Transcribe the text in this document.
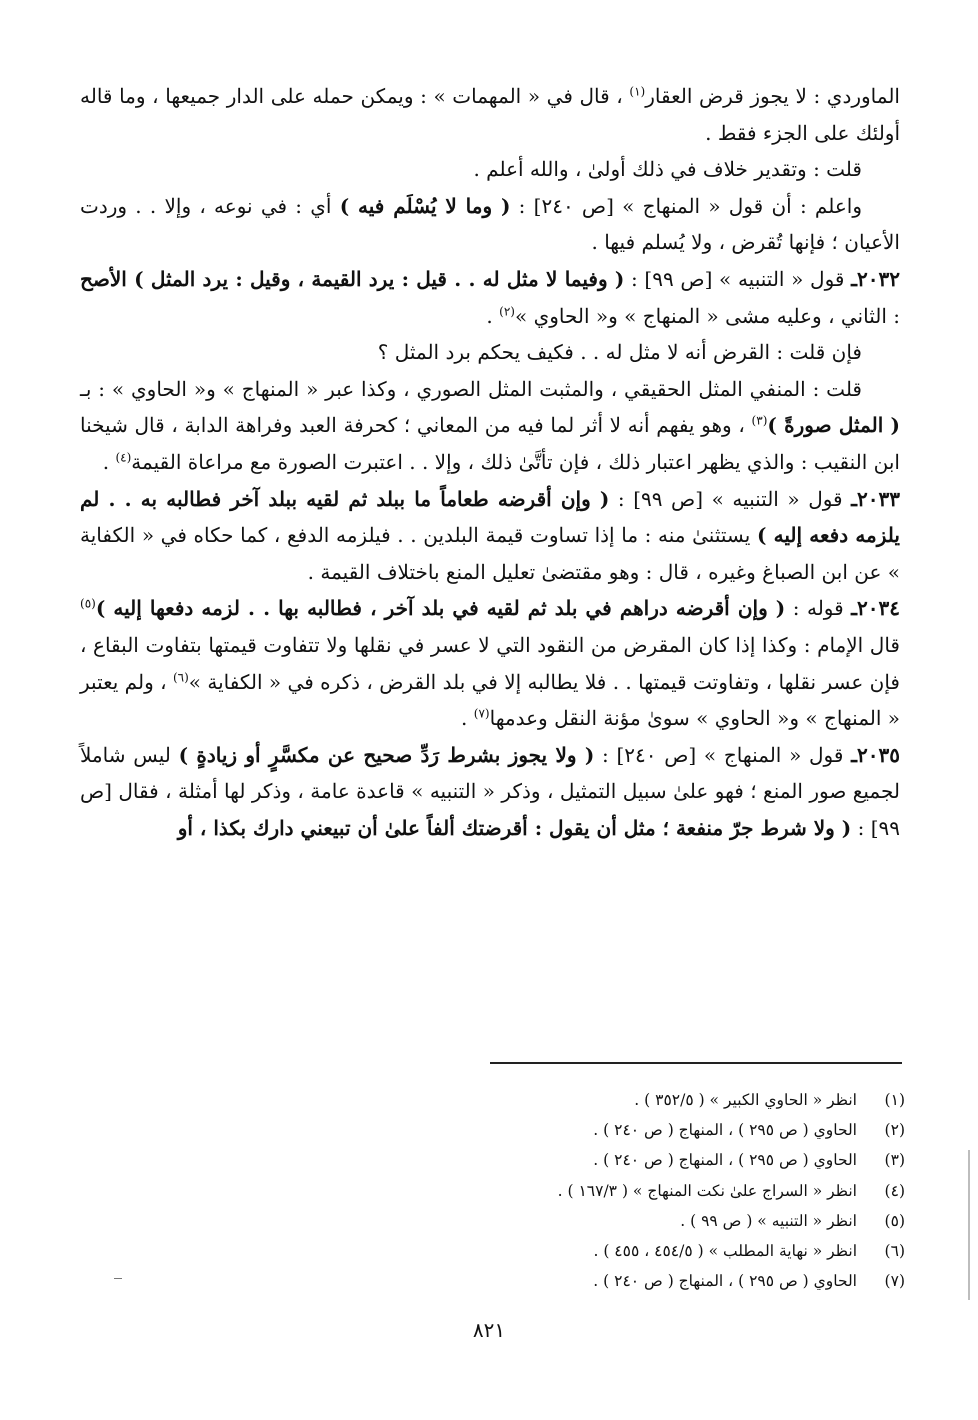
الماوردي : لا يجوز قرض العقار$^{(١)}$ ، قال في « المهمات » : ويمكن حمله على الدار جميعها ، وما قاله أولئك على الجزء فقط .

قلت : وتقدير خلاف في ذلك أولىٰ ، والله أعلم .

واعلم : أن قول « المنهاج » [ص ٢٤٠] : ( وما لا يُسْلَم فيه ) أي : في نوعه ، وإلا . . وردت الأعيان ؛ فإنها تُقرض ، ولا يُسلم فيها .

٢٠٣٢ـ قول « التنبيه » [ص ٩٩] : ( وفيما لا مثل له . . قيل : يرد القيمة ، وقيل : يرد المثل ) الأصح : الثاني ، وعليه مشى « المنهاج » و« الحاوي »$^{(٢)}$ .

فإن قلت : القرض أنه لا مثل له . . فكيف يحكم برد المثل ؟

قلت : المنفي المثل الحقيقي ، والمثبت المثل الصوري ، وكذا عبر « المنهاج » و« الحاوي » : بـ ( المثل صورةً )$^{(٣)}$ ، وهو يفهم أنه لا أثر لما فيه من المعاني ؛ كحرفة العبد وفراهة الدابة ، قال شيخنا ابن النقيب : والذي يظهر اعتبار ذلك ، فإن تأتَّىٰ ذلك ، وإلا . . اعتبرت الصورة مع مراعاة القيمة$^{(٤)}$ .

٢٠٣٣ـ قول « التنبيه » [ص ٩٩] : ( وإن أقرضه طعاماً ما ببلد ثم لقيه ببلد آخر فطالبه به . . لم يلزمه دفعه إليه ) يستثنىٰ منه : ما إذا تساوت قيمة البلدين . . فيلزمه الدفع ، كما حكاه في « الكفاية » عن ابن الصباغ وغيره ، قال : وهو مقتضىٰ تعليل المنع باختلاف القيمة .

٢٠٣٤ـ قوله : ( وإن أقرضه دراهم في بلد ثم لقيه في بلد آخر ، فطالبه بها . . لزمه دفعها إليه )$^{(٥)}$ قال الإمام : وكذا إذا كان المقرض من النقود التي لا عسر في نقلها ولا تتفاوت قيمتها بتفاوت البقاع ، فإن عسر نقلها ، وتفاوتت قيمتها . . فلا يطالبه إلا في بلد القرض ، ذكره في « الكفاية »$^{(٦)}$ ، ولم يعتبر « المنهاج » و« الحاوي » سوىٰ مؤنة النقل وعدمها$^{(٧)}$ .

٢٠٣٥ـ قول « المنهاج » [ص ٢٤٠] : ( ولا يجوز بشرط رَدِّ صحيح عن مكسَّرٍ أو زيادةٍ ) ليس شاملاً لجميع صور المنع ؛ فهو علىٰ سبيل التمثيل ، وذكر « التنبيه » قاعدة عامة ، وذكر لها أمثلة ، فقال [ص ٩٩] : ( ولا شرط جرّ منفعة ؛ مثل أن يقول : أقرضتك ألفاً علىٰ أن تبيعني دارك بكذا ، أو

(١)
انظر « الحاوي الكبير » ( ٣٥٢/٥ ) .
(٢)
الحاوي ( ص ٢٩٥ ) ، المنهاج ( ص ٢٤٠ ) .
(٣)
الحاوي ( ص ٢٩٥ ) ، المنهاج ( ص ٢٤٠ ) .
(٤)
انظر « السراج علىٰ نكت المنهاج » ( ١٦٧/٣ ) .
(٥)
انظر « التنبيه » ( ص ٩٩ ) .
(٦)
انظر « نهاية المطلب » ( ٤٥٤/٥ ، ٤٥٥ ) .
(٧)
الحاوي ( ص ٢٩٥ ) ، المنهاج ( ص ٢٤٠ ) .
٨٢١
